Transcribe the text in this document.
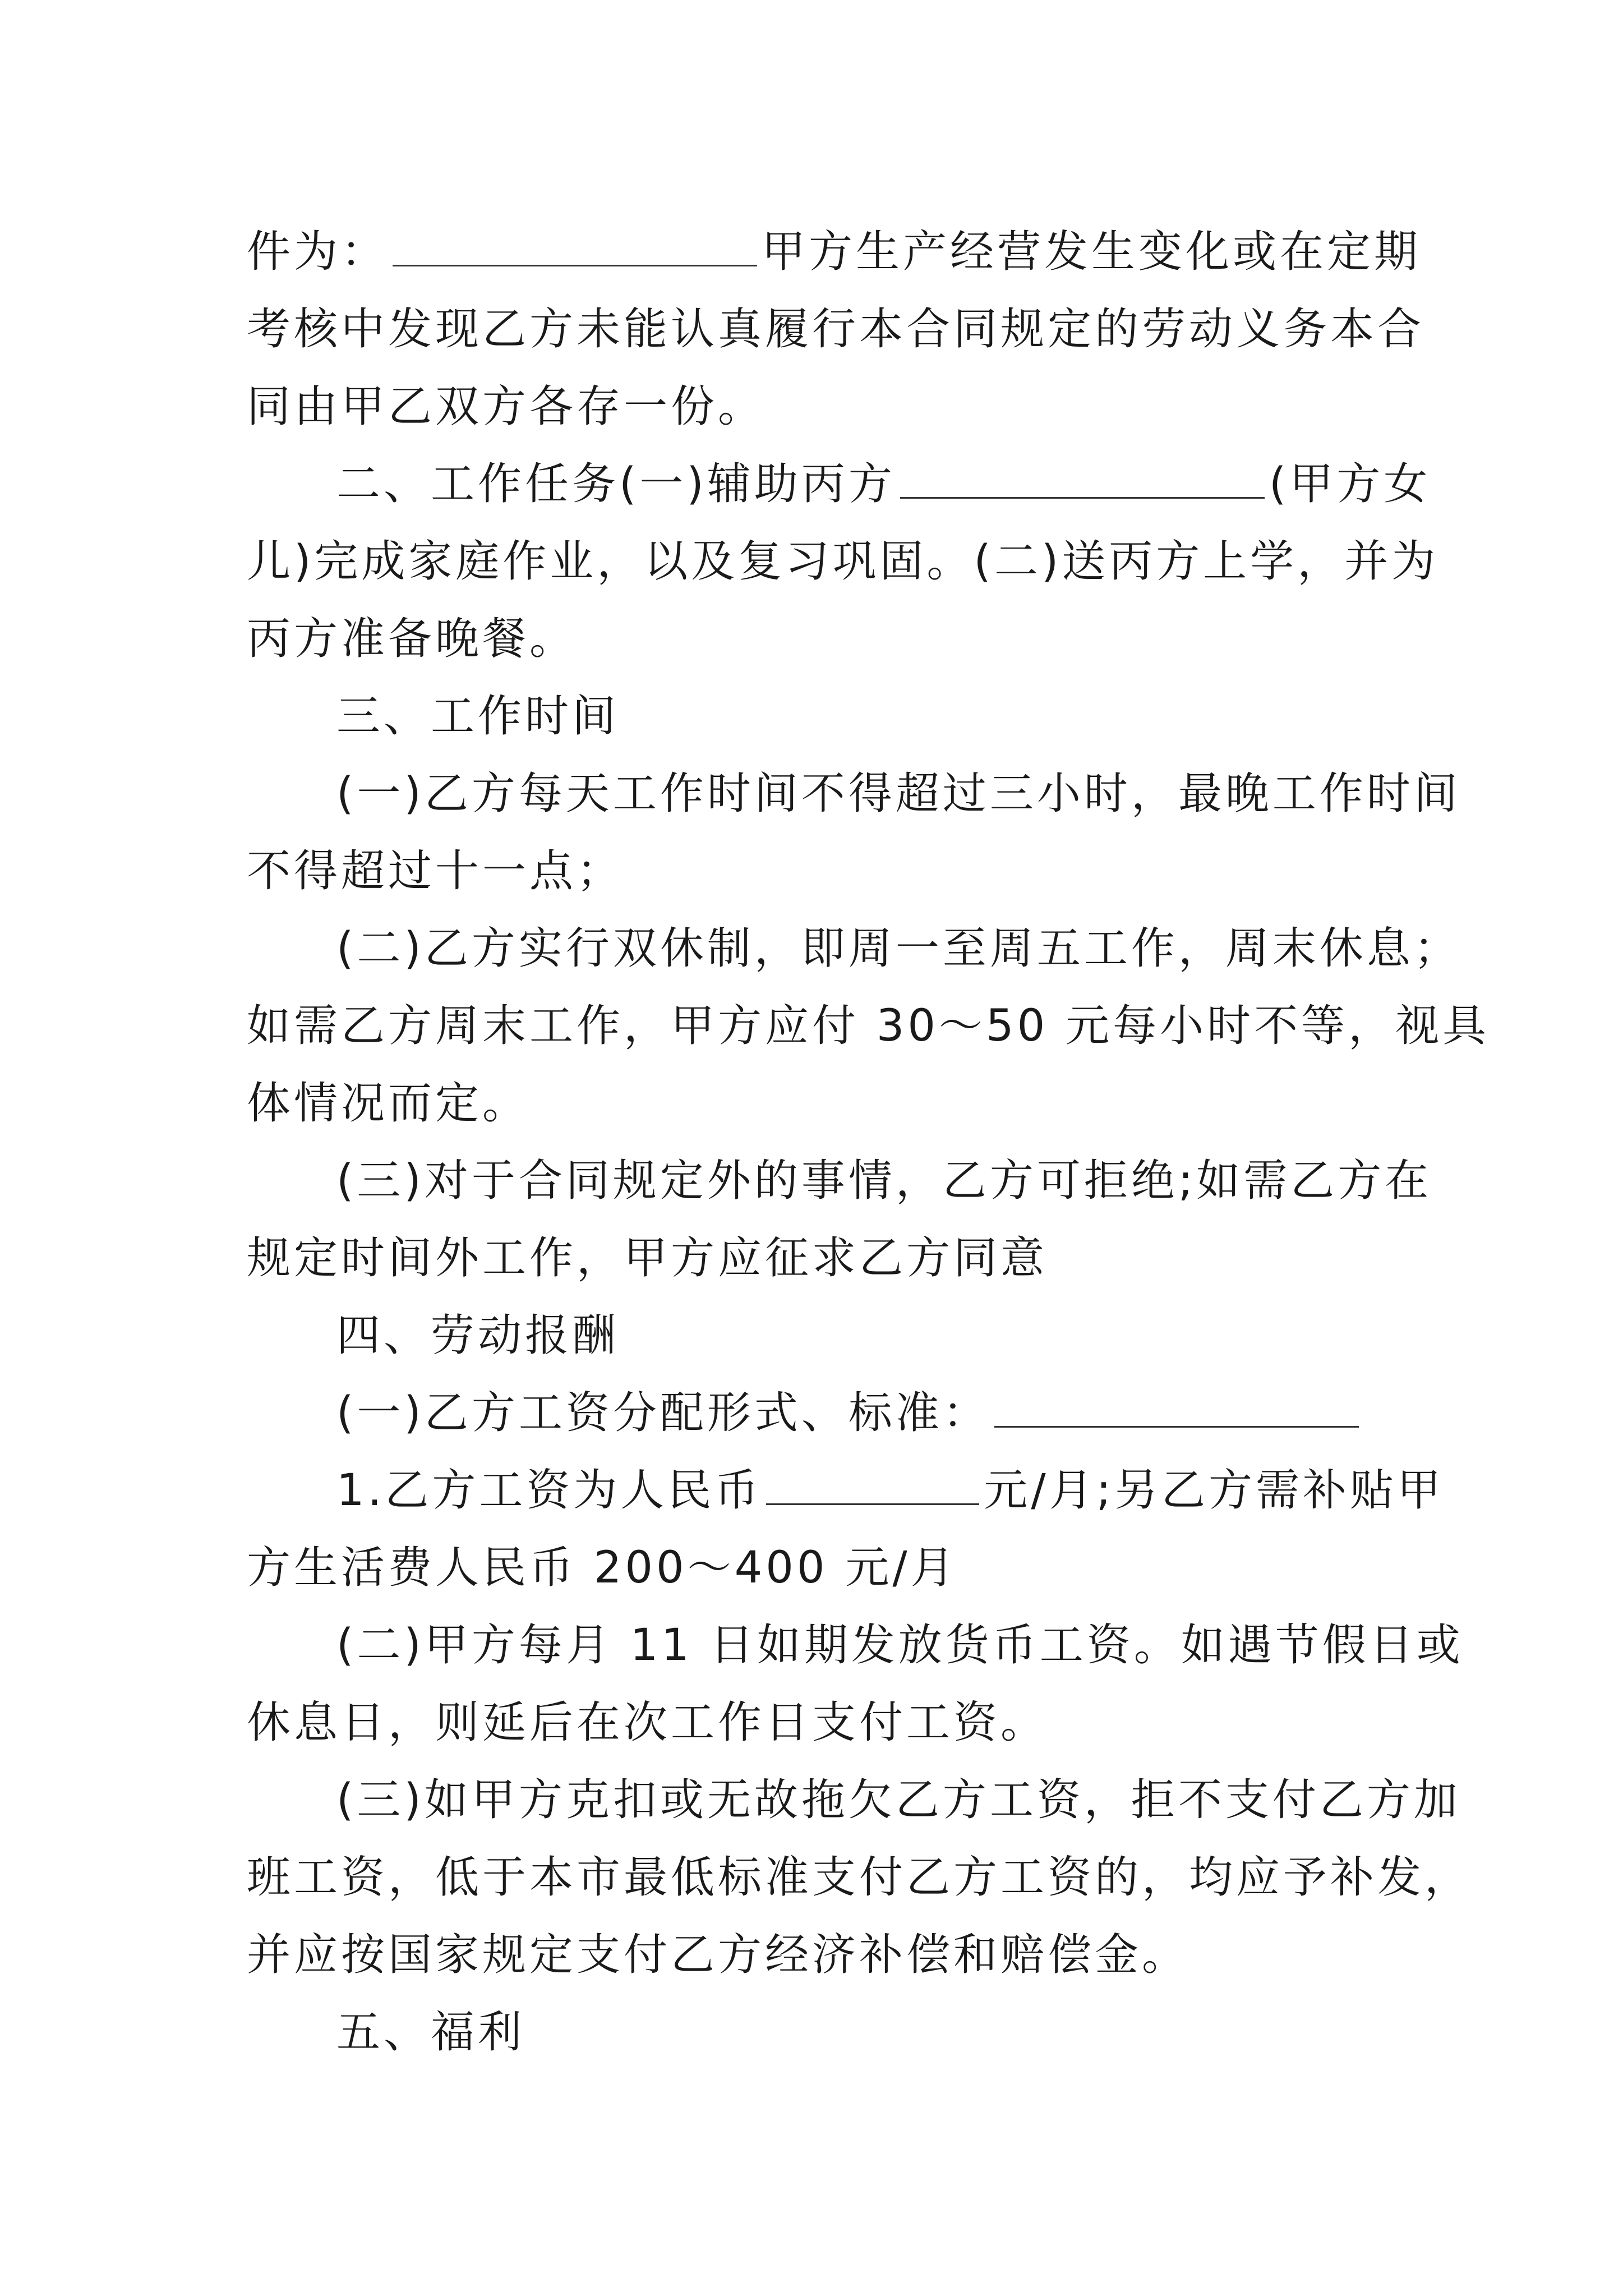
件为：	甲方生产经营发生变化或在定期
考核中发现乙方未能认真履行本合同规定的劳动义务本合
同由甲乙双方各存一份。
二、工作任务(一)辅助丙方	(甲方女
儿)完成家庭作业，以及复习巩固。(二)送丙方上学，并为
丙方准备晚餐。
三、工作时间
(一)乙方每天工作时间不得超过三小时，最晚工作时间
不得超过十一点；
(二)乙方实行双休制，即周一至周五工作，周末休息；
如需乙方周末工作，甲方应付 30～50 元每小时不等，视具
体情况而定。
(三)对于合同规定外的事情，乙方可拒绝;如需乙方在
规定时间外工作，甲方应征求乙方同意
四、劳动报酬
(一)乙方工资分配形式、标准：
1.乙方工资为人民币	元/月;另乙方需补贴甲
方生活费人民币 200～400 元/月
(二)甲方每月 11 日如期发放货币工资。如遇节假日或
休息日，则延后在次工作日支付工资。
(三)如甲方克扣或无故拖欠乙方工资，拒不支付乙方加
班工资，低于本市最低标准支付乙方工资的，均应予补发，
并应按国家规定支付乙方经济补偿和赔偿金。
五、福利
